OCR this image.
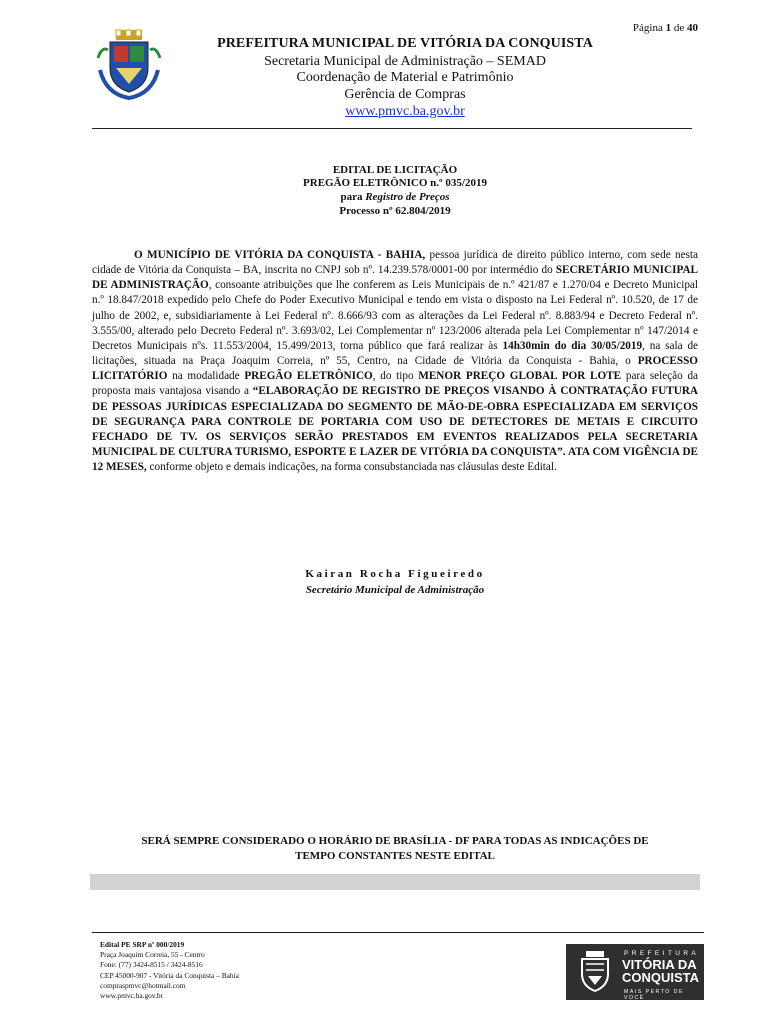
Página 1 de 40
PREFEITURA MUNICIPAL DE VITÓRIA DA CONQUISTA
Secretaria Municipal de Administração – SEMAD
Coordenação de Material e Patrimônio
Gerência de Compras
www.pmvc.ba.gov.br
EDITAL DE LICITAÇÃO
PREGÃO ELETRÔNICO n.º 035/2019
para Registro de Preços
Processo nº 62.804/2019
O MUNICÍPIO DE VITÓRIA DA CONQUISTA - BAHIA, pessoa jurídica de direito público interno, com sede nesta cidade de Vitória da Conquista – BA, inscrita no CNPJ sob nº. 14.239.578/0001-00 por intermédio do SECRETÁRIO MUNICIPAL DE ADMINISTRAÇÃO, consoante atribuições que lhe conferem as Leis Municipais de n.º 421/87 e 1.270/04 e Decreto Municipal n.º 18.847/2018 expedido pelo Chefe do Poder Executivo Municipal e tendo em vista o disposto na Lei Federal nº. 10.520, de 17 de julho de 2002, e, subsidiariamente à Lei Federal nº. 8.666/93 com as alterações da Lei Federal nº. 8.883/94 e Decreto Federal nº. 3.555/00, alterado pelo Decreto Federal nº. 3.693/02, Lei Complementar nº 123/2006 alterada pela Lei Complementar nº 147/2014 e Decretos Municipais nºs. 11.553/2004, 15.499/2013, torna público que fará realizar às 14h30min do dia 30/05/2019, na sala de licitações, situada na Praça Joaquim Correia, nº 55, Centro, na Cidade de Vitória da Conquista - Bahia, o PROCESSO LICITATÓRIO na modalidade PREGÃO ELETRÔNICO, do tipo MENOR PREÇO GLOBAL POR LOTE para seleção da proposta mais vantajosa visando a “ELABORAÇÃO DE REGISTRO DE PREÇOS VISANDO À CONTRATAÇÃO FUTURA DE PESSOAS JURÍDICAS ESPECIALIZADA DO SEGMENTO DE MÃO-DE-OBRA ESPECIALIZADA EM SERVIÇOS DE SEGURANÇA PARA CONTROLE DE PORTARIA COM USO DE DETECTORES DE METAIS E CIRCUITO FECHADO DE TV. OS SERVIÇOS SERÃO PRESTADOS EM EVENTOS REALIZADOS PELA SECRETARIA MUNICIPAL DE CULTURA TURISMO, ESPORTE E LAZER DE VITÓRIA DA CONQUISTA”. ATA COM VIGÊNCIA DE 12 MESES, conforme objeto e demais indicações, na forma consubstanciada nas cláusulas deste Edital.
Kairan Rocha Figueiredo
Secretário Municipal de Administração
SERÁ SEMPRE CONSIDERADO O HORÁRIO DE BRASÍLIA - DF PARA TODAS AS INDICAÇÕES DE
TEMPO CONSTANTES NESTE EDITAL
Edital PE SRP nº 000/2019
Praça Joaquim Correia, 55 - Centro
Fone: (77) 3424-8515 / 3424-8516
CEP 45000-907 - Vitória da Conquista – Bahia
compraspmvc@hotmail.com
www.pmvc.ba.gov.br
PREFEITURA
VITÓRIA DA
CONQUISTA
MAIS PERTO DE VOCÊ
